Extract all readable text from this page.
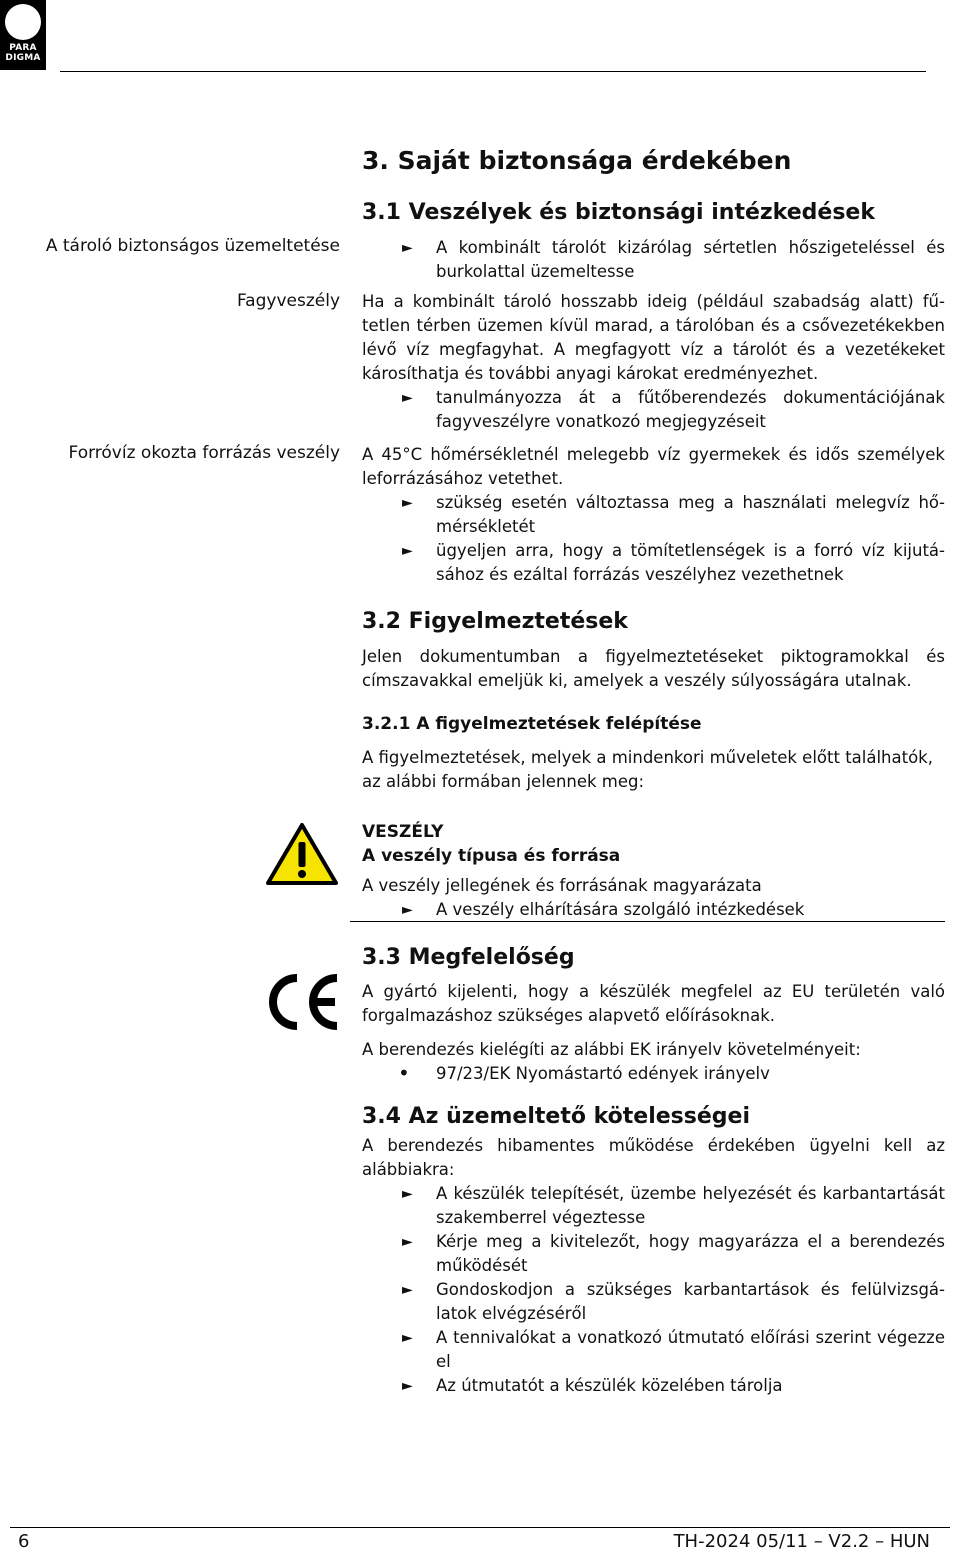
PARA
DIGMA
3. Saját biztonsága érdekében
3.1 Veszélyek és biztonsági intézkedések
A tároló biztonságos üzemeltetése
Fagyveszély
Forróvíz okozta forrázás veszély
► A kombinált tárolót kizárólag sértetlen hőszigeteléssel és burkolattal üzemeltesse
Ha a kombinált tároló hosszabb ideig (például szabadság alatt) fűtetlen térben üzemen kívül marad, a tárolóban és a csővezetékekben lévő víz megfagyhat. A megfagyott víz a tárolót és a vezetékeket károsíthatja és további anyagi károkat eredményezhet.
► tanulmányozza át a fűtőberendezés dokumentációjának fagyveszélyre vonatkozó megjegyzéseit
A 45°C hőmérsékletnél melegebb víz gyermekek és idős személyek leforrázásához vetethet.
► szükség esetén változtassa meg a használati melegvíz hőmérsékletét
► ügyeljen arra, hogy a tömítetlenségek is a forró víz kijutásához és ezáltal forrázás veszélyhez vezethetnek
3.2 Figyelmeztetések
Jelen dokumentumban a figyelmeztetéseket piktogramokkal és címszavakkal emeljük ki, amelyek a veszély súlyosságára utalnak.
3.2.1 A figyelmeztetések felépítése
A figyelmeztetések, melyek a mindenkori műveletek előtt találhatók, az alábbi formában jelennek meg:
VESZÉLY
A veszély típusa és forrása
A veszély jellegének és forrásának magyarázata
► A veszély elhárítására szolgáló intézkedések
CE
3.3 Megfelelőség
A gyártó kijelenti, hogy a készülék megfelel az EU területén való forgalmazáshoz szükséges alapvető előírásoknak.
A berendezés kielégíti az alábbi EK irányelv követelményeit:
• 97/23/EK Nyomástartó edények irányelv
3.4 Az üzemeltető kötelességei
A berendezés hibamentes működése érdekében ügyelni kell az alábbiakra:
► A készülék telepítését, üzembe helyezését és karbantartását szakemberrel végeztesse
► Kérje meg a kivitelezőt, hogy magyarázza el a berendezés működését
► Gondoskodjon a szükséges karbantartások és felülvizsgálatok elvégzéséről
► A tennivalókat a vonatkozó útmutató előírási szerint végezze el
► Az útmutatót a készülék közelében tárolja
6	TH-2024 05/11 – V2.2 – HUN
